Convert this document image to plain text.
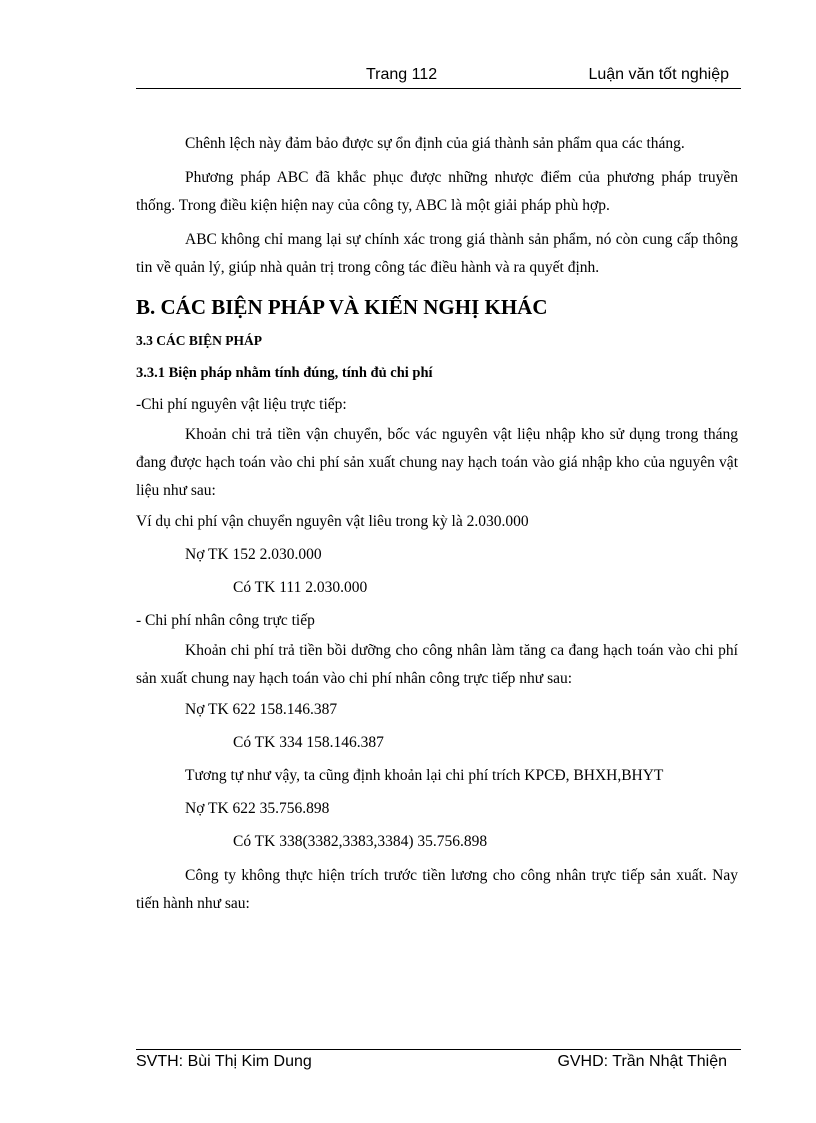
Trang 112	Luận văn tốt nghiệp

Chênh lệch này đảm bảo được sự ổn định của giá thành sản phẩm qua các tháng.

Phương pháp ABC đã khắc phục được những nhược điểm của phương pháp truyền thống. Trong điều kiện hiện nay của công ty, ABC là một giải pháp phù hợp.

ABC không chỉ mang lại sự chính xác trong giá thành sản phẩm, nó còn cung cấp thông tin về quản lý, giúp nhà quản trị trong công tác điều hành và ra quyết định.

B. CÁC BIỆN PHÁP VÀ KIẾN NGHỊ KHÁC
3.3 CÁC BIỆN PHÁP
3.3.1 Biện pháp nhằm tính đúng, tính đủ chi phí

-Chi phí nguyên vật liệu trực tiếp:

Khoản chi trả tiền vận chuyển, bốc vác nguyên vật liệu nhập kho sử dụng trong tháng đang được hạch toán vào chi phí sản xuất chung nay hạch toán vào giá nhập kho của nguyên vật liệu như sau:

Ví dụ chi phí vận chuyển nguyên vật liêu trong kỳ là 2.030.000

Nợ TK 152 2.030.000

Có TK 111 2.030.000

- Chi phí nhân công trực tiếp

Khoản chi phí trả tiền bồi dưỡng cho công nhân làm tăng ca đang hạch toán vào chi phí sản xuất chung nay hạch toán vào chi phí nhân công trực tiếp như sau:

Nợ TK 622 158.146.387

Có TK 334 158.146.387

Tương tự như vậy, ta cũng định khoản lại chi phí trích KPCĐ, BHXH,BHYT

Nợ TK 622 35.756.898

Có TK 338(3382,3383,3384) 35.756.898

Công ty không thực hiện trích trước tiền lương cho công nhân trực tiếp sản xuất. Nay tiến hành như sau:

SVTH: Bùi Thị Kim Dung	GVHD: Trần Nhật Thiện
